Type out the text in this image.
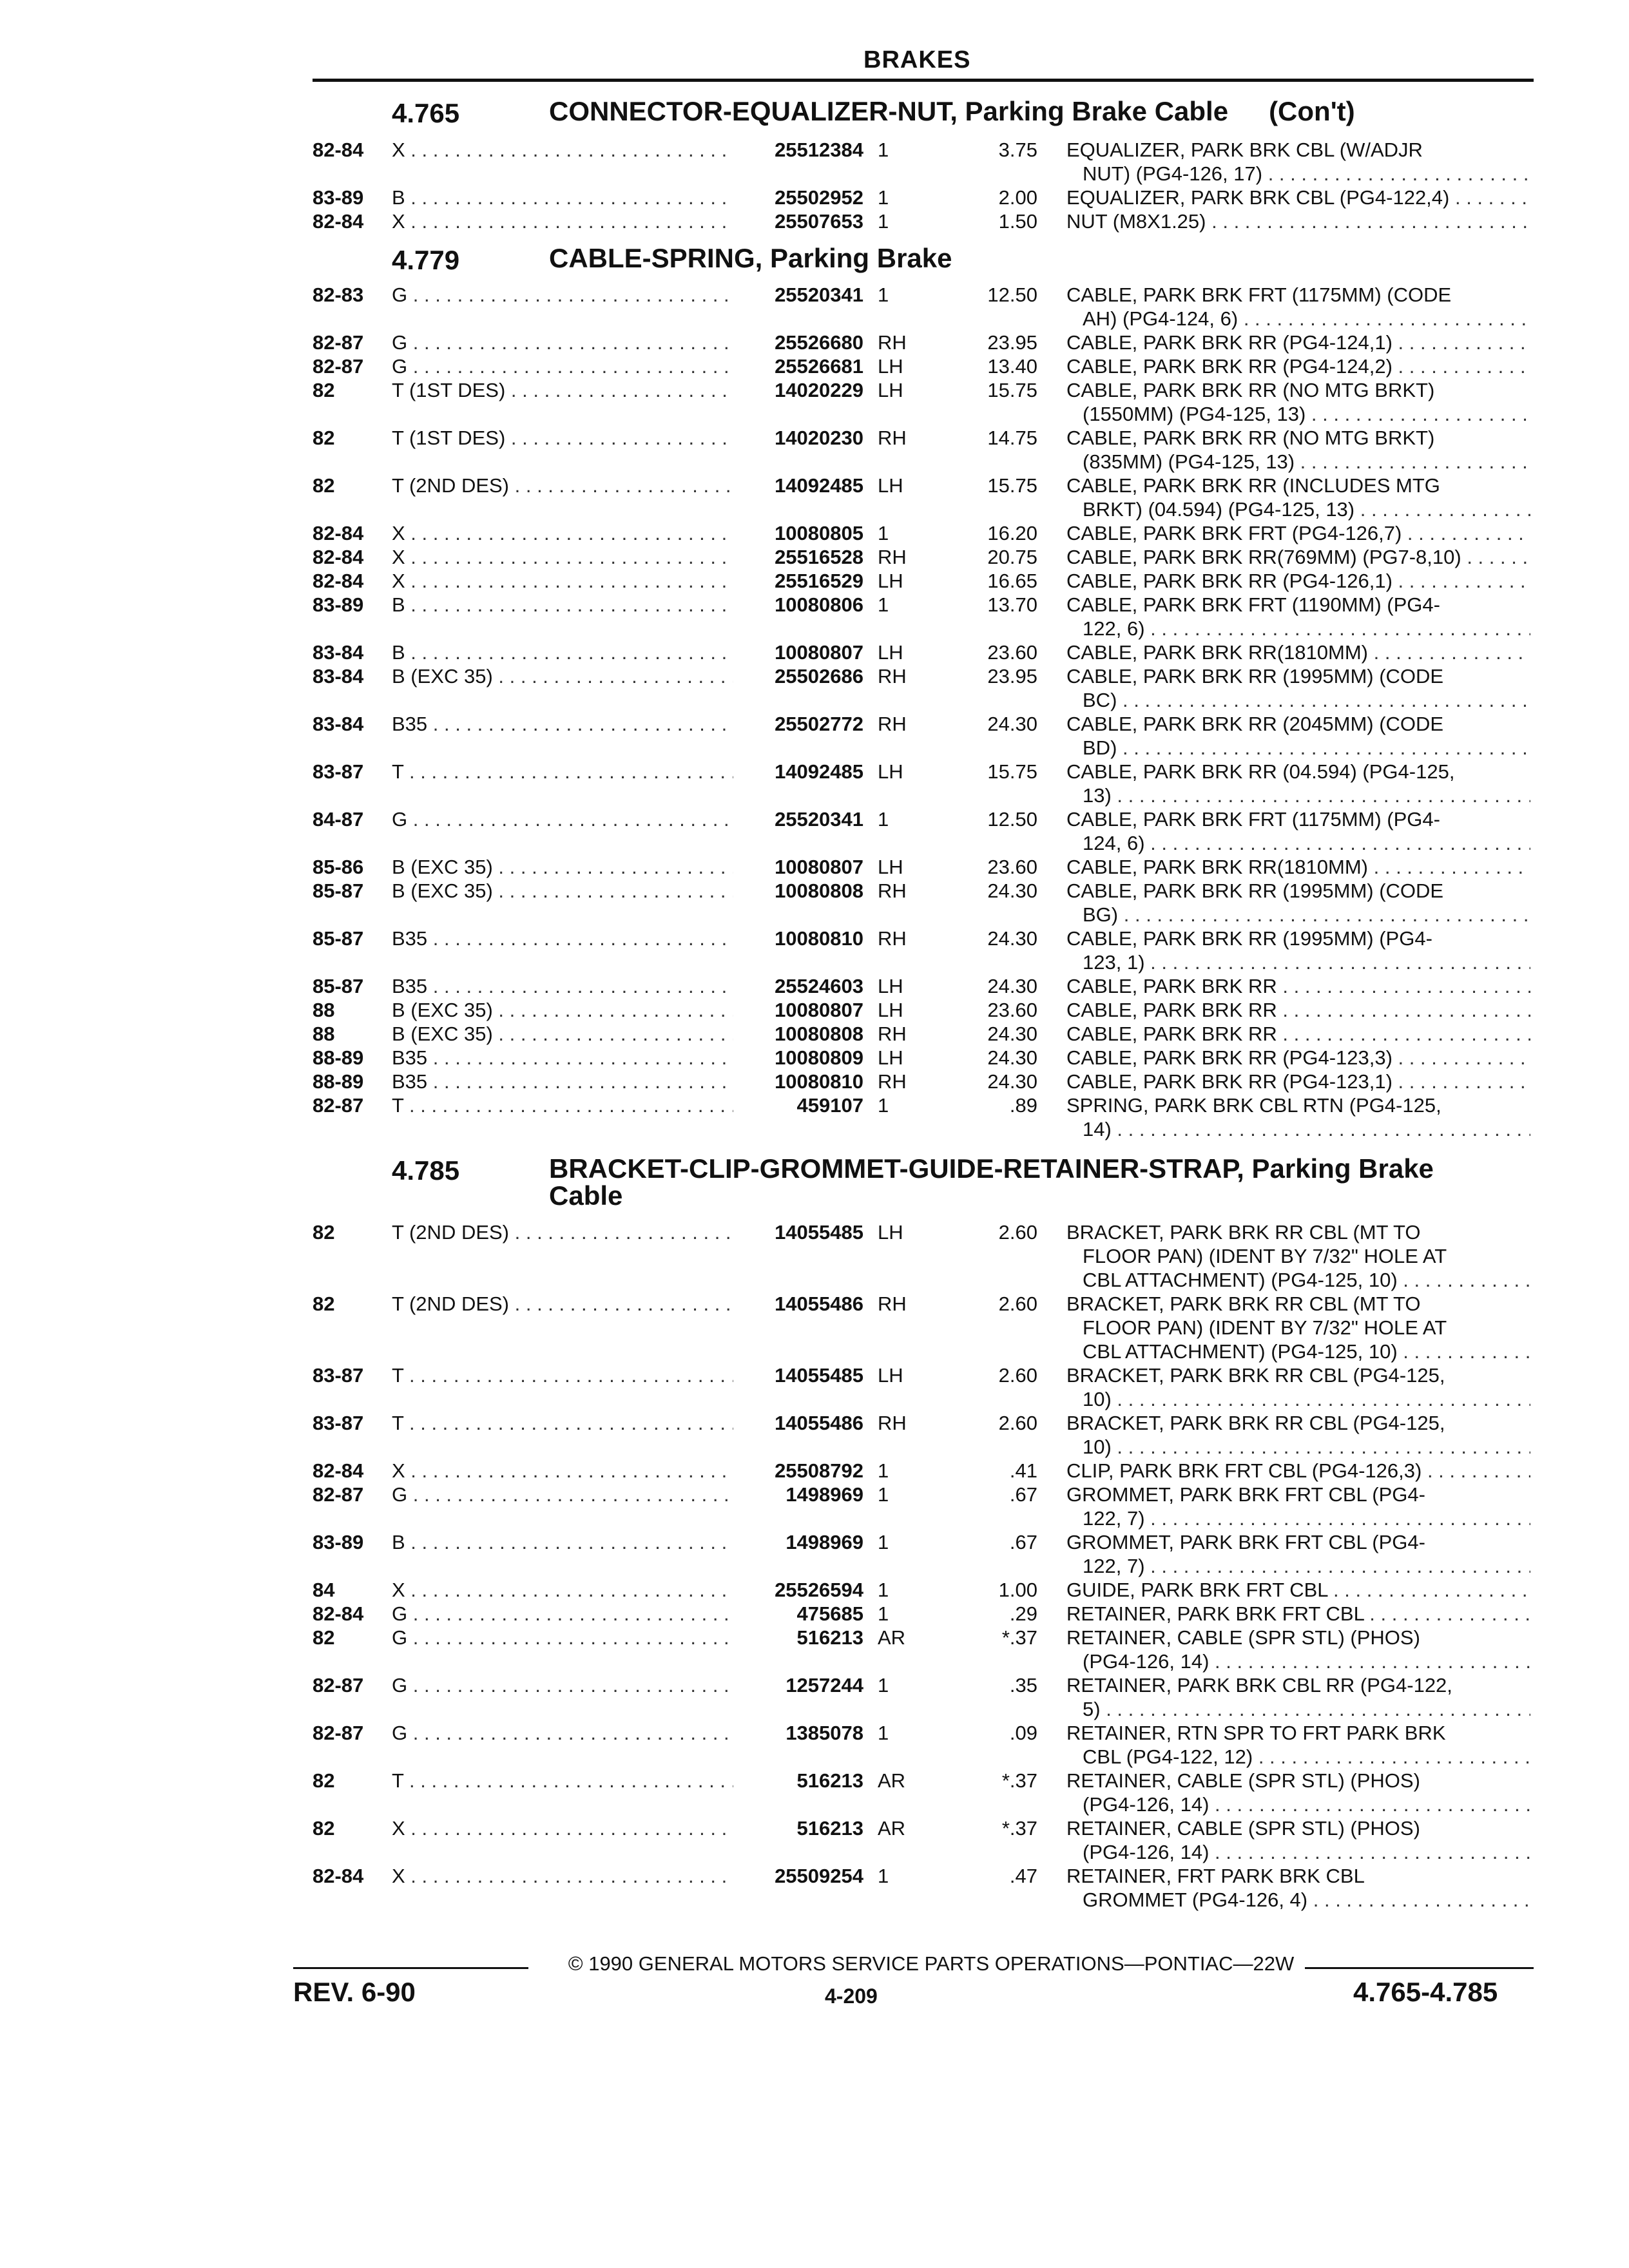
BRAKES
4.765	CONNECTOR-EQUALIZER-NUT, Parking Brake Cable  (Con't)
82-84 X . . .	25512384 1	3.75 EQUALIZER, PARK BRK CBL (W/ADJR
NUT) (PG4-126, 17) . . .
83-89 B . . .	25502952 1	2.00 EQUALIZER, PARK BRK CBL (PG4-122,4) . . .
82-84 X . . .	25507653 1	1.50 NUT (M8X1.25) . . .
4.779	CABLE-SPRING, Parking Brake
82-83 G . . .	25520341 1	12.50 CABLE, PARK BRK FRT (1175MM) (CODE
AH) (PG4-124, 6) . . .
82-87 G . . .	25526680 RH	23.95 CABLE, PARK BRK RR (PG4-124,1) . . .
82-87 G . . .	25526681 LH	13.40 CABLE, PARK BRK RR (PG4-124,2) . . .
82	T (1ST DES) . . .	14020229 LH	15.75 CABLE, PARK BRK RR (NO MTG BRKT)
(1550MM) (PG4-125, 13) . . .
82	T (1ST DES) . . .	14020230 RH	14.75 CABLE, PARK BRK RR (NO MTG BRKT)
(835MM) (PG4-125, 13) . . .
82	T (2ND DES) . . .	14092485 LH	15.75 CABLE, PARK BRK RR (INCLUDES MTG
BRKT) (04.594) (PG4-125, 13) . . .
82-84 X . . .	10080805 1	16.20 CABLE, PARK BRK FRT (PG4-126,7) . . .
82-84 X . . .	25516528 RH	20.75 CABLE, PARK BRK RR(769MM) (PG7-8,10) . . .
82-84 X . . .	25516529 LH	16.65 CABLE, PARK BRK RR (PG4-126,1) . . .
83-89 B . . .	10080806 1	13.70 CABLE, PARK BRK FRT (1190MM) (PG4-
122, 6) . . .
83-84 B . . .	10080807 LH	23.60 CABLE, PARK BRK RR(1810MM) . . .
83-84 B (EXC 35) . . .	25502686 RH	23.95 CABLE, PARK BRK RR (1995MM) (CODE
BC) . . .
83-84 B35 . . .	25502772 RH	24.30 CABLE, PARK BRK RR (2045MM) (CODE
BD) . . .
83-87 T . . .	14092485 LH	15.75 CABLE, PARK BRK RR (04.594) (PG4-125,
13) . . .
84-87 G . . .	25520341 1	12.50 CABLE, PARK BRK FRT (1175MM) (PG4-
124, 6) . . .
85-86 B (EXC 35) . . .	10080807 LH	23.60 CABLE, PARK BRK RR(1810MM) . . .
85-87 B (EXC 35) . . .	10080808 RH	24.30 CABLE, PARK BRK RR (1995MM) (CODE
BG) . . .
85-87 B35 . . .	10080810 RH	24.30 CABLE, PARK BRK RR (1995MM) (PG4-
123, 1) . . .
85-87 B35 . . .	25524603 LH	24.30 CABLE, PARK BRK RR . . .
88	B (EXC 35) . . .	10080807 LH	23.60 CABLE, PARK BRK RR . . .
88	B (EXC 35) . . .	10080808 RH	24.30 CABLE, PARK BRK RR . . .
88-89 B35 . . .	10080809 LH	24.30 CABLE, PARK BRK RR (PG4-123,3) . . .
88-89 B35 . . .	10080810 RH	24.30 CABLE, PARK BRK RR (PG4-123,1) . . .
82-87 T . . .	459107 1	.89 SPRING, PARK BRK CBL RTN (PG4-125,
14) . . .
4.785	BRACKET-CLIP-GROMMET-GUIDE-RETAINER-STRAP, Parking Brake
Cable
82	T (2ND DES) . . .	14055485 LH	2.60 BRACKET, PARK BRK RR CBL (MT TO
FLOOR PAN) (IDENT BY 7/32" HOLE AT
CBL ATTACHMENT) (PG4-125, 10) . . .
82	T (2ND DES) . . .	14055486 RH	2.60 BRACKET, PARK BRK RR CBL (MT TO
FLOOR PAN) (IDENT BY 7/32" HOLE AT
CBL ATTACHMENT) (PG4-125, 10) . . .
83-87 T . . .	14055485 LH	2.60 BRACKET, PARK BRK RR CBL (PG4-125,
10) . . .
83-87 T . . .	14055486 RH	2.60 BRACKET, PARK BRK RR CBL (PG4-125,
10) . . .
82-84 X . . .	25508792 1	.41 CLIP, PARK BRK FRT CBL (PG4-126,3) . . .
82-87 G . . .	1498969 1	.67 GROMMET, PARK BRK FRT CBL (PG4-
122, 7) . . .
83-89 B . . .	1498969 1	.67 GROMMET, PARK BRK FRT CBL (PG4-
122, 7) . . .
84	X . . .	25526594 1	1.00 GUIDE, PARK BRK FRT CBL . . .
82-84 G . . .	475685 1	.29 RETAINER, PARK BRK FRT CBL . . .
82	G . . .	516213 AR	*.37 RETAINER, CABLE (SPR STL) (PHOS)
(PG4-126, 14) . . .
82-87 G . . .	1257244 1	.35 RETAINER, PARK BRK CBL RR (PG4-122,
5) . . .
82-87 G . . .	1385078 1	.09 RETAINER, RTN SPR TO FRT PARK BRK
CBL (PG4-122, 12) . . .
82	T . . .	516213 AR	*.37 RETAINER, CABLE (SPR STL) (PHOS)
(PG4-126, 14) . . .
82	X . . .	516213 AR	*.37 RETAINER, CABLE (SPR STL) (PHOS)
(PG4-126, 14) . . .
82-84 X . . .	25509254 1	.47 RETAINER, FRT PARK BRK CBL
GROMMET (PG4-126, 4) . . .
© 1990 GENERAL MOTORS SERVICE PARTS OPERATIONS—PONTIAC—22W
4-209
REV. 6-90	4.765-4.785
